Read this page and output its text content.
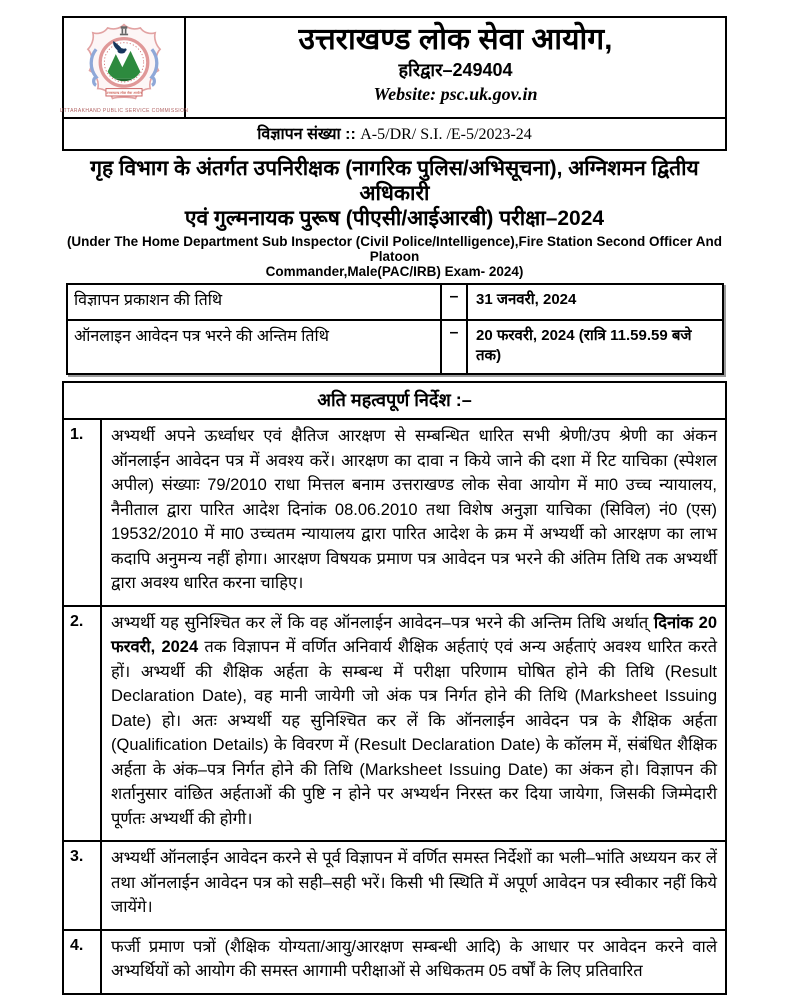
उत्तराखण्ड लोक सेवा आयोग
UTTARAKHAND PUBLIC SERVICE COMMISSION
उत्तराखण्ड लोक सेवा आयोग,
हरिद्वार–249404
Website: psc.uk.gov.in
विज्ञापन संख्या :: A-5/DR/ S.I. /E-5/2023-24
गृह विभाग के अंतर्गत उपनिरीक्षक (नागरिक पुलिस/अभिसूचना), अग्निशमन द्वितीय अधिकारी
एवं गुल्मनायक पुरूष (पीएसी/आईआरबी) परीक्षा–2024
(Under The Home Department Sub Inspector (Civil Police/Intelligence),Fire Station Second Officer And Platoon
Commander,Male(PAC/IRB) Exam- 2024)
विज्ञापन प्रकाशन की तिथि	–	31 जनवरी, 2024
ऑनलाइन आवेदन पत्र भरने की अन्तिम तिथि	–	20 फरवरी, 2024 (रात्रि 11.59.59 बजे तक)
अति महत्वपूर्ण निर्देश :–
1.	अभ्यर्थी अपने ऊर्ध्वाधर एवं क्षैतिज आरक्षण से सम्बन्धित धारित सभी श्रेणी/उप श्रेणी का अंकन ऑनलाईन आवेदन पत्र में अवश्य करें। आरक्षण का दावा न किये जाने की दशा में रिट याचिका (स्पेशल अपील) संख्याः 79/2010 राधा मित्तल बनाम उत्तराखण्ड लोक सेवा आयोग में मा0 उच्च न्यायालय, नैनीताल द्वारा पारित आदेश दिनांक 08.06.2010 तथा विशेष अनुज्ञा याचिका (सिविल) नं0 (एस) 19532/2010 में मा0 उच्चतम न्यायालय द्वारा पारित आदेश के क्रम में अभ्यर्थी को आरक्षण का लाभ कदापि अनुमन्य नहीं होगा। आरक्षण विषयक प्रमाण पत्र आवेदन पत्र भरने की अंतिम तिथि तक अभ्यर्थी द्वारा अवश्य धारित करना चाहिए।
2.	अभ्यर्थी यह सुनिश्चित कर लें कि वह ऑनलाईन आवेदन–पत्र भरने की अन्तिम तिथि अर्थात् दिनांक 20 फरवरी, 2024 तक विज्ञापन में वर्णित अनिवार्य शैक्षिक अर्हताएं एवं अन्य अर्हताएं अवश्य धारित करते हों। अभ्यर्थी की शैक्षिक अर्हता के सम्बन्ध में परीक्षा परिणाम घोषित होने की तिथि (Result Declaration Date), वह मानी जायेगी जो अंक पत्र निर्गत होने की तिथि (Marksheet Issuing Date) हो। अतः अभ्यर्थी यह सुनिश्चित कर लें कि ऑनलाईन आवेदन पत्र के शैक्षिक अर्हता (Qualification Details) के विवरण में (Result Declaration Date) के कॉलम में, संबंधित शैक्षिक अर्हता के अंक–पत्र निर्गत होने की तिथि (Marksheet Issuing Date) का अंकन हो। विज्ञापन की शर्तानुसार वांछित अर्हताओं की पुष्टि न होने पर अभ्यर्थन निरस्त कर दिया जायेगा, जिसकी जिम्मेदारी पूर्णतः अभ्यर्थी की होगी।
3.	अभ्यर्थी ऑनलाईन आवेदन करने से पूर्व विज्ञापन में वर्णित समस्त निर्देशों का भली–भांति अध्ययन कर लें तथा ऑनलाईन आवेदन पत्र को सही–सही भरें। किसी भी स्थिति में अपूर्ण आवेदन पत्र स्वीकार नहीं किये जायेंगे।
4.	फर्जी प्रमाण पत्रों (शैक्षिक योग्यता/आयु/आरक्षण सम्बन्धी आदि) के आधार पर आवेदन करने वाले अभ्यर्थियों को आयोग की समस्त आगामी परीक्षाओं से अधिकतम 05 वर्षों के लिए प्रतिवारित
